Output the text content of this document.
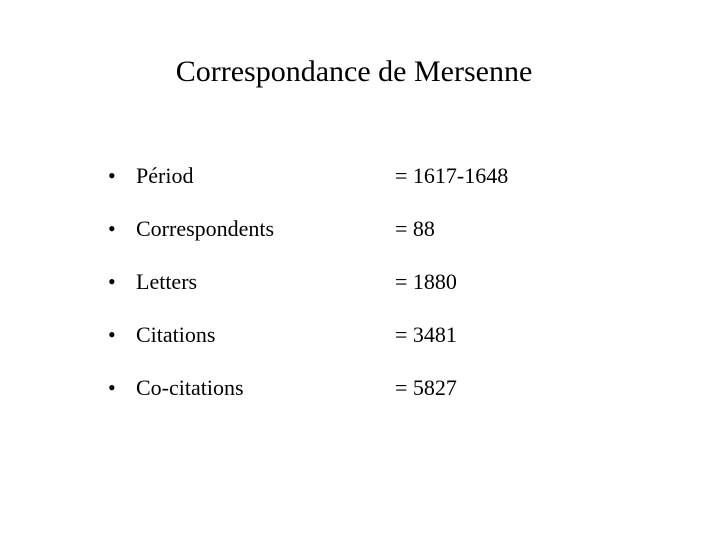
Correspondance de Mersenne
• Périod	= 1617-1648
• Correspondents	= 88
• Letters	= 1880
• Citations	= 3481
• Co-citations	= 5827
